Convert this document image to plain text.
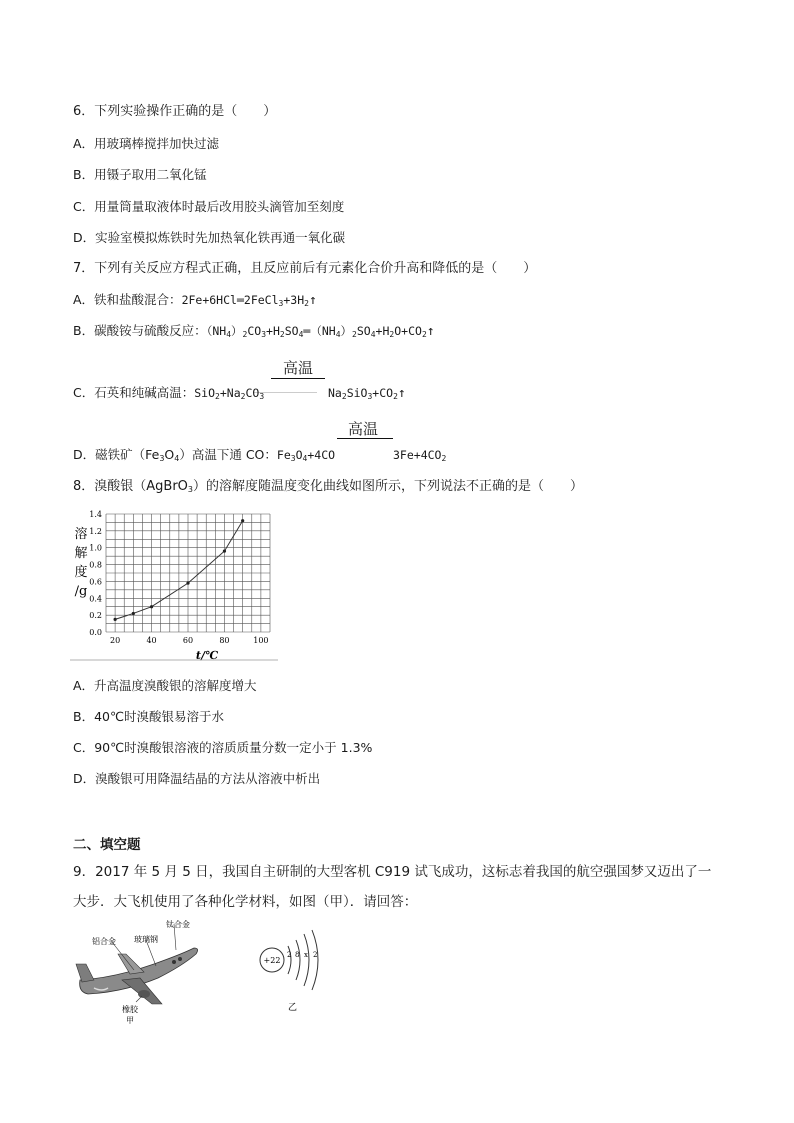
6．下列实验操作正确的是（　　）
A．用玻璃棒搅拌加快过滤
B．用镊子取用二氧化锰
C．用量筒量取液体时最后改用胶头滴管加至刻度
D．实验室模拟炼铁时先加热氧化铁再通一氧化碳
7．下列有关反应方程式正确，且反应前后有元素化合价升高和降低的是（　　）
A．铁和盐酸混合：$2Fe+6HCl═2FeCl_3+3H_2↑$
B．碳酸铵与硫酸反应：$(NH_4)_2CO_3+H_2SO_4═(NH_4)_2SO_4+H_2O+CO_2↑$
高温
C．石英和纯碱高温：$SiO_2+Na_2CO_3$	$Na_2SiO_3+CO_2↑$
高温
D．磁铁矿$(Fe_3O_4)$高温下通 CO：$Fe_3O_4+4CO$	$3Fe+4CO_2$
8．溴酸银（AgBrO$_3$）的溶解度随温度变化曲线如图所示，下列说法不正确的是（　　）
0.0
0.2
0.4
0.6
0.8
1.0
1.2
1.4
20	40	60	80	100
溶
解
度
/g
t/℃
A．升高温度溴酸银的溶解度增大
B．40℃时溴酸银易溶于水
C．90℃时溴酸银溶液的溶质质量分数一定小于 1.3%
D．溴酸银可用降温结晶的方法从溶液中析出
二、填空题
9．2017 年 5 月 5 日，我国自主研制的大型客机 C919 试飞成功，这标志着我国的航空强国梦又迈出了一大步．大飞机使用了各种化学材料，如图（甲）．请回答：
钛合金
铝合金 玻璃钢
橡胶
甲
+22
2 8 x 2
乙
